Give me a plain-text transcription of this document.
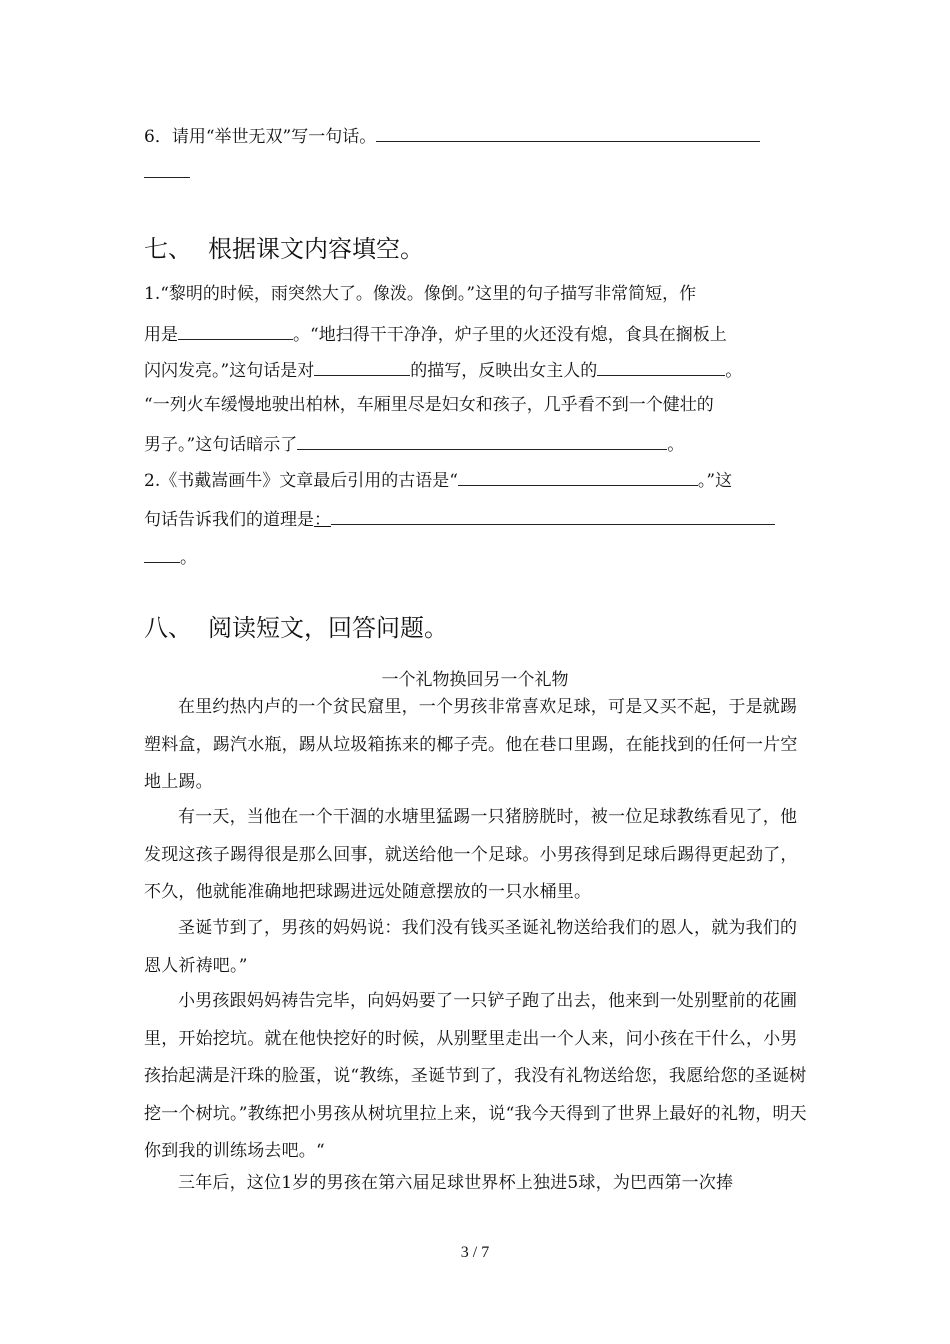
6．请用“举世无双”写一句话。
七、 根据课文内容填空。
1.“黎明的时候，雨突然大了。像泼。像倒。”这里的句子描写非常简短，作
用是	。“地扫得干干净净，炉子里的火还没有熄，食具在搁板上
闪闪发亮。”这句话是对	的描写，反映出女主人的	。
“一列火车缓慢地驶出柏林，车厢里尽是妇女和孩子，几乎看不到一个健壮的
男子。”这句话暗示了	。
2.《书戴嵩画牛》文章最后引用的古语是“	。”这
句话告诉我们的道理是：
。
八、 阅读短文，回答问题。
一个礼物换回另一个礼物

在里约热内卢的一个贫民窟里，一个男孩非常喜欢足球，可是又买不起，于是就踢塑料盒，踢汽水瓶，踢从垃圾箱拣来的椰子壳。他在巷口里踢，在能找到的任何一片空地上踢。

有一天，当他在一个干涸的水塘里猛踢一只猪膀胱时，被一位足球教练看见了，他发现这孩子踢得很是那么回事，就送给他一个足球。小男孩得到足球后踢得更起劲了，不久，他就能准确地把球踢进远处随意摆放的一只水桶里。

圣诞节到了，男孩的妈妈说：我们没有钱买圣诞礼物送给我们的恩人，就为我们的恩人祈祷吧。”

小男孩跟妈妈祷告完毕，向妈妈要了一只铲子跑了出去，他来到一处别墅前的花圃里，开始挖坑。就在他快挖好的时候，从别墅里走出一个人来，问小孩在干什么，小男孩抬起满是汗珠的脸蛋，说“教练，圣诞节到了，我没有礼物送给您，我愿给您的圣诞树挖一个树坑。”教练把小男孩从树坑里拉上来，说“我今天得到了世界上最好的礼物，明天你到我的训练场去吧。“

三年后，这位1岁的男孩在第六届足球世界杯上独进5球，为巴西第一次捧

3 / 7
